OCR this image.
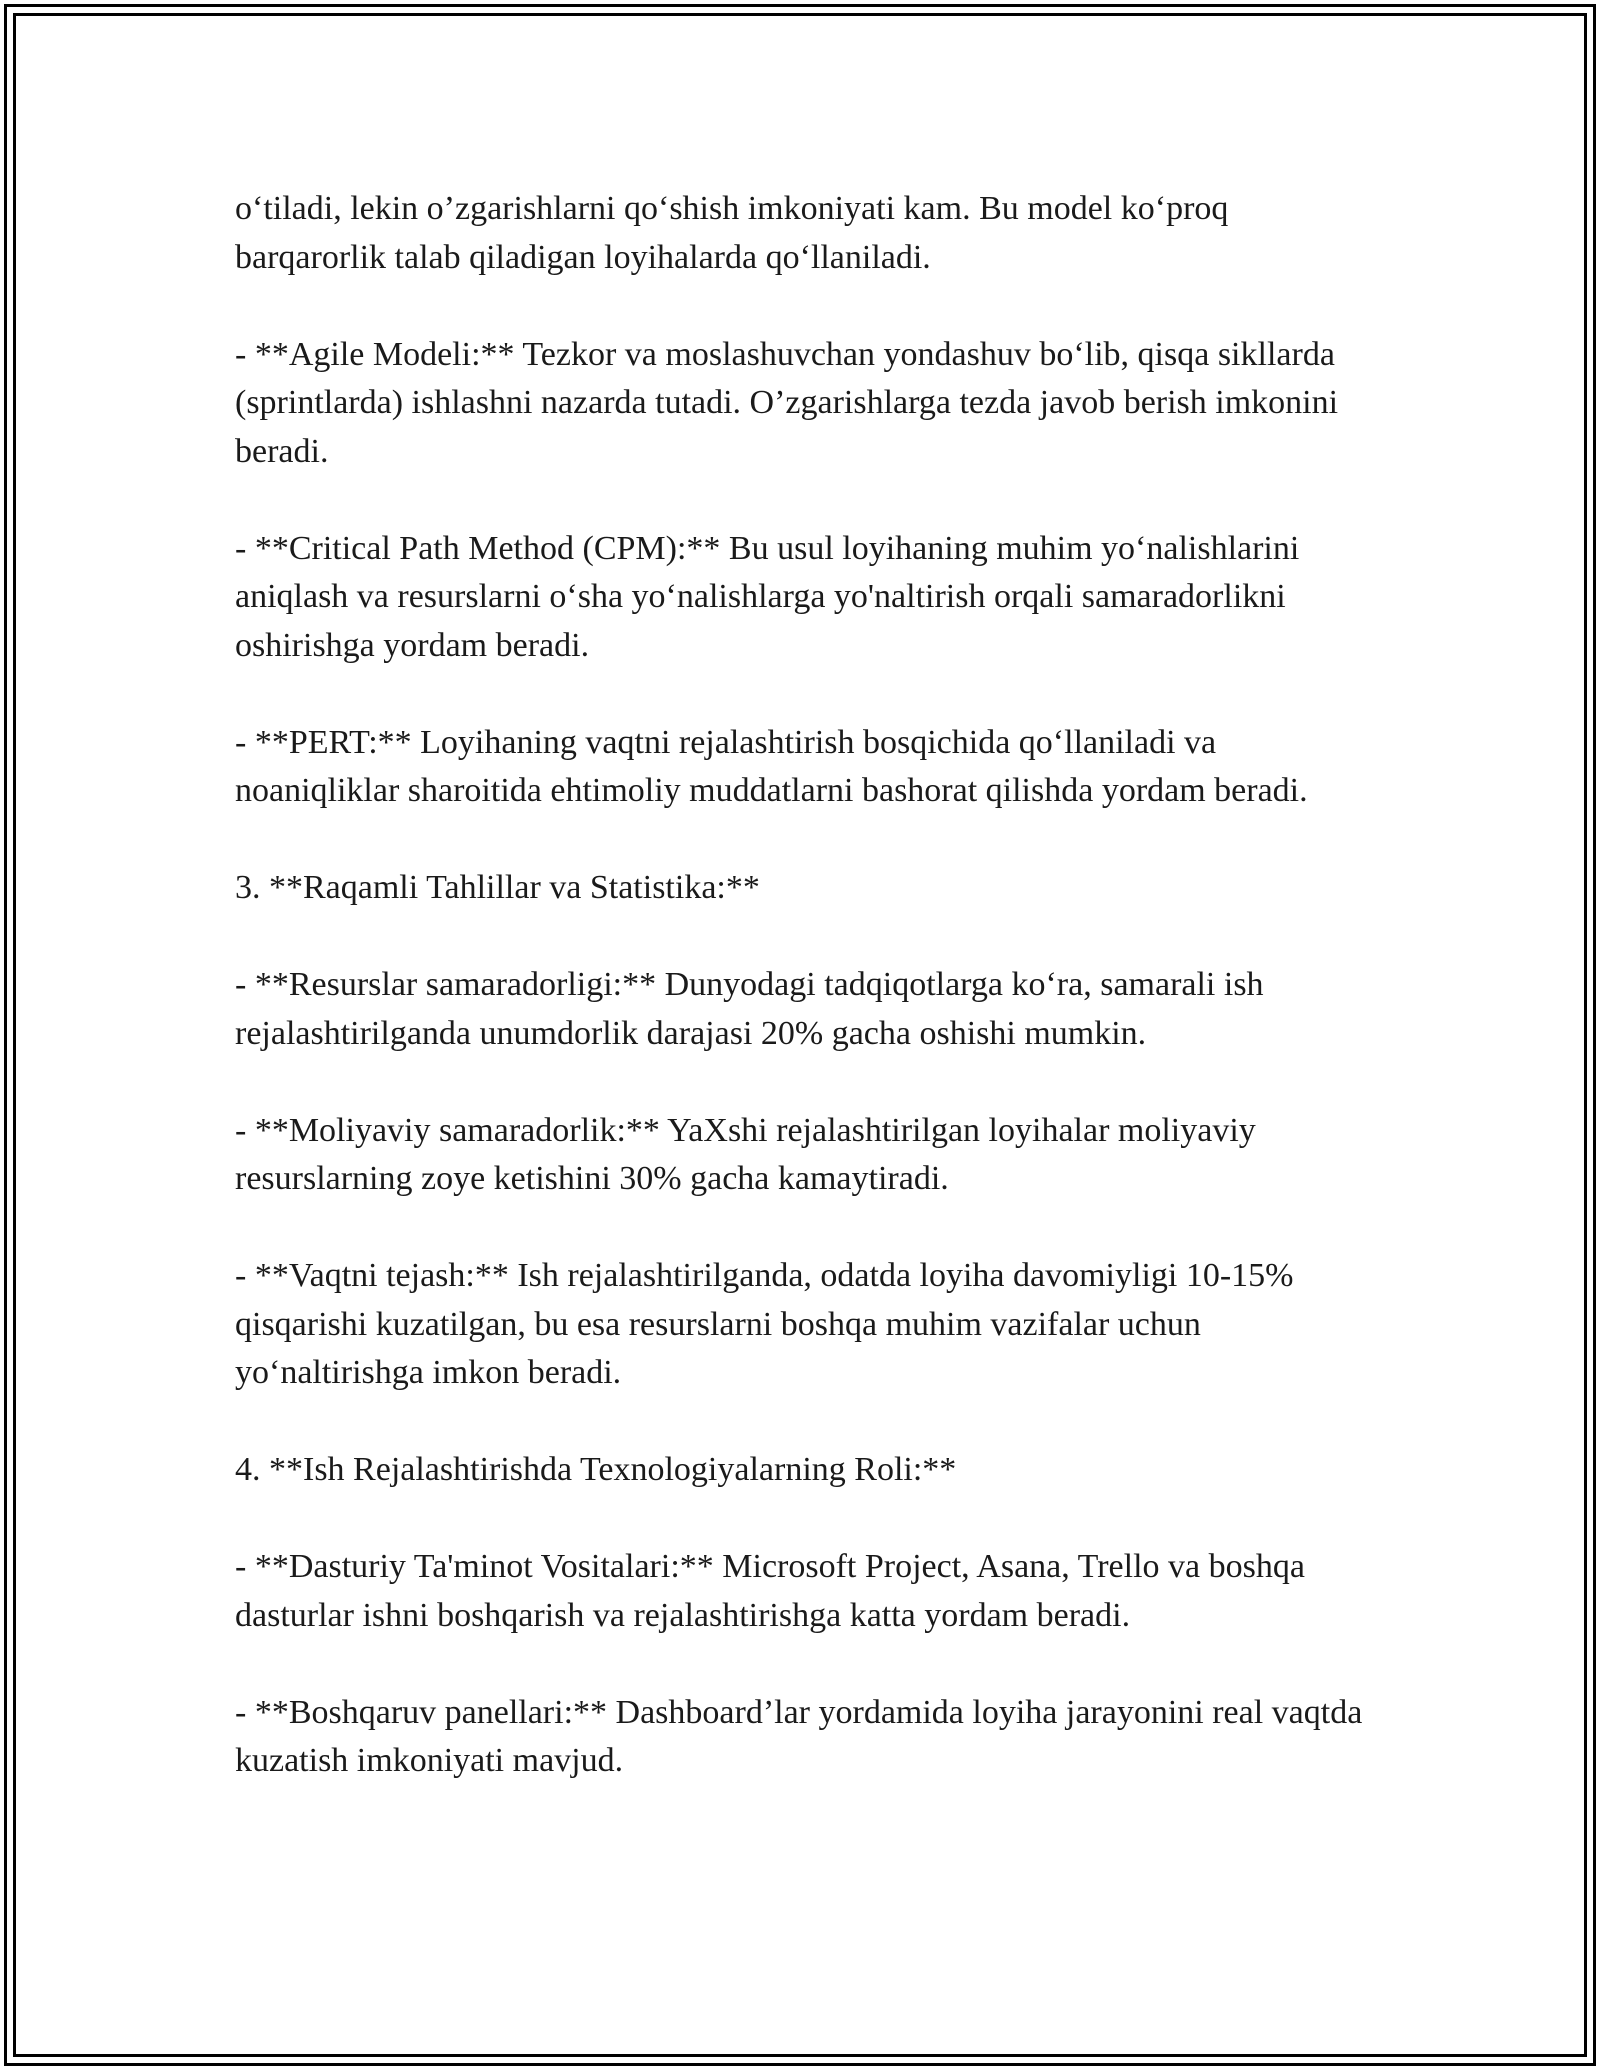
o‘tiladi, lekin o’zgarishlarni qo‘shish imkoniyati kam. Bu model ko‘proq barqarorlik talab qiladigan loyihalarda qo‘llaniladi.

- **Agile Modeli:** Tezkor va moslashuvchan yondashuv bo‘lib, qisqa sikllarda (sprintlarda) ishlashni nazarda tutadi. O’zgarishlarga tezda javob berish imkonini beradi.

- **Critical Path Method (CPM):** Bu usul loyihaning muhim yo‘nalishlarini aniqlash va resurslarni o‘sha yo‘nalishlarga yo'naltirish orqali samaradorlikni oshirishga yordam beradi.

- **PERT:** Loyihaning vaqtni rejalashtirish bosqichida qo‘llaniladi va noaniqliklar sharoitida ehtimoliy muddatlarni bashorat qilishda yordam beradi.

3. **Raqamli Tahlillar va Statistika:**

- **Resurslar samaradorligi:** Dunyodagi tadqiqotlarga ko‘ra, samarali ish rejalashtirilganda unumdorlik darajasi 20% gacha oshishi mumkin.

- **Moliyaviy samaradorlik:** YaXshi rejalashtirilgan loyihalar moliyaviy resurslarning zoye ketishini 30% gacha kamaytiradi.

- **Vaqtni tejash:** Ish rejalashtirilganda, odatda loyiha davomiyligi 10-15% qisqarishi kuzatilgan, bu esa resurslarni boshqa muhim vazifalar uchun yo‘naltirishga imkon beradi.

4. **Ish Rejalashtirishda Texnologiyalarning Roli:**

- **Dasturiy Ta'minot Vositalari:** Microsoft Project, Asana, Trello va boshqa dasturlar ishni boshqarish va rejalashtirishga katta yordam beradi.

- **Boshqaruv panellari:** Dashboard’lar yordamida loyiha jarayonini real vaqtda kuzatish imkoniyati mavjud.
